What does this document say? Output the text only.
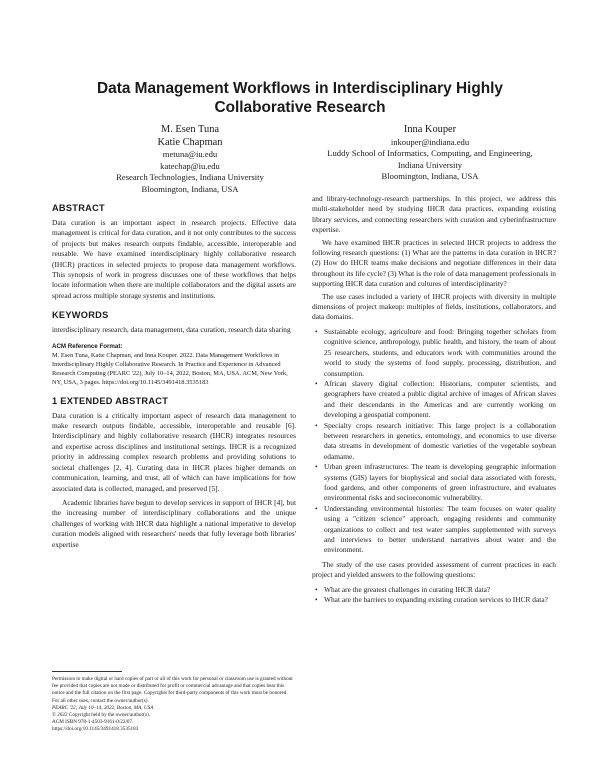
Data Management Workflows in Interdisciplinary Highly
Collaborative Research
M. Esen Tuna
Katie Chapman
metuna@iu.edu
katechap@iu.edu
Research Technologies, Indiana University
Bloomington, Indiana, USA
Inna Kouper
inkouper@indiana.edu
Luddy School of Informatics, Computing, and Engineering,
Indiana University
Bloomington, Indiana, USA
ABSTRACT

Data curation is an important aspect in research projects. Effective data management is critical for data curation, and it not only contributes to the success of projects but makes research outputs findable, accessible, interoperable and reusable. We have examined interdisciplinary highly collaborative research (IHCR) practices in selected projects to propose data management workflows. This synopsis of work in progress discusses one of these workflows that helps locate information when there are multiple collaborators and the digital assets are spread across multiple storage systems and institutions.

KEYWORDS

interdisciplinary research, data management, data curation, research data sharing

ACM Reference Format:

M. Esen Tuna, Katie Chapman, and Inna Kouper. 2022. Data Management Workflows in Interdisciplinary Highly Collaborative Research. In Practice and Experience in Advanced Research Computing (PEARC '22), July 10–14, 2022, Boston, MA, USA. ACM, New York, NY, USA, 3 pages. https://doi.org/10.1145/3491418.3535183

1 EXTENDED ABSTRACT

Data curation is a critically important aspect of research data management to make research outputs findable, accessible, interoperable and reusable [6]. Interdisciplinary and highly collaborative research (IHCR) integrates resources and expertise across disciplines and institutional settings. IHCR is a recognized priority in addressing complex research problems and providing solutions to societal challenges [2, 4]. Curating data in IHCR places higher demands on communication, learning, and trust, all of which can have implications for how associated data is collected, managed, and preserved [5].

Academic libraries have begun to develop services in support of IHCR [4], but the increasing number of interdisciplinary collaborations and the unique challenges of working with IHCR data highlight a national imperative to develop curation models aligned with researchers' needs that fully leverage both libraries' expertise

Permission to make digital or hard copies of part or all of this work for personal or classroom use is granted without fee provided that copies are not made or distributed for profit or commercial advantage and that copies bear this notice and the full citation on the first page. Copyrights for third-party components of this work must be honored. For all other uses, contact the owner/author(s).
PEARC '22, July 10–14, 2022, Boston, MA, USA
© 2022 Copyright held by the owner/author(s).
ACM ISBN 978-1-4503-9161-0/22/07.
https://doi.org/10.1145/3491418.3535183

and library-technology-research partnerships. In this project, we address this multi-stakeholder need by studying IHCR data practices, expanding existing library services, and connecting researchers with curation and cyberinfrastructure expertise.

We have examined IHCR practices in selected IHCR projects to address the following research questions: (1) What are the patterns in data curation in IHCR? (2) How do IHCR teams make decisions and negotiate differences in their data throughout its life cycle? (3) What is the role of data management professionals in supporting IHCR data curation and cultures of interdisciplinarity?

The use cases included a variety of IHCR projects with diversity in multiple dimensions of project makeup: multiples of fields, institutions, collaborators, and data domains.

• Sustainable ecology, agriculture and food: Bringing together scholars from cognitive science, anthropology, public health, and history, the team of about 25 researchers, students, and educators work with communities around the world to study the systems of food supply, processing, distribution, and consumption.
• African slavery digital collection: Historians, computer scientists, and geographers have created a public digital archive of images of African slaves and their descendants in the Americas and are currently working on developing a geospatial component.
• Specialty crops research initiative: This large project is a collaboration between researchers in genetics, entomology, and economics to use diverse data streams in development of domestic varieties of the vegetable soybean edamame.
• Urban green infrastructures: The team is developing geographic information systems (GIS) layers for biophysical and social data associated with forests, food gardens, and other components of green infrastructure, and evaluates environmental risks and socioeconomic vulnerability.
• Understanding environmental histories: The team focuses on water quality using a "citizen science" approach, engaging residents and community organizations to collect and test water samples supplemented with surveys and interviews to better understand narratives about water and the environment.

The study of the use cases provided assessment of current practices in each project and yielded answers to the following questions:

• What are the greatest challenges in curating IHCR data?
• What are the barriers to expanding existing curation services to IHCR data?
